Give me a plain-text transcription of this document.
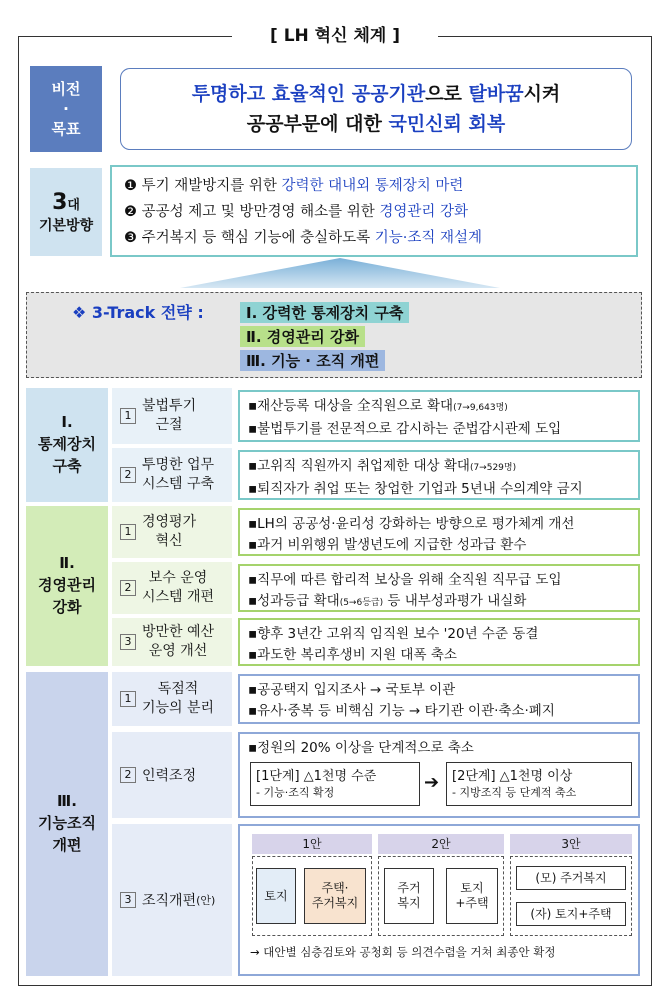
[ LH 혁신 체계 ]
비전
·
목표
투명하고 효율적인 공공기관으로 탈바꿈시켜
공공부문에 대한 국민신뢰 회복
3대
기본방향
❶ 투기 재발방지를 위한 강력한 대내외 통제장치 마련
❷ 공공성 제고 및 방만경영 해소를 위한 경영관리 강화
❸ 주거복지 등 핵심 기능에 충실하도록 기능·조직 재설계
❖ 3-Track 전략 :	Ⅰ. 강력한 통제장치 구축
Ⅱ. 경영관리 강화
Ⅲ. 기능 · 조직 개편
Ⅰ.
통제장치
구축
1
불법투기
근절
▪재산등록 대상을 全직원으로 확대(7→9,643명)
▪불법투기를 전문적으로 감시하는 준법감시관제 도입
2
투명한 업무
시스템 구축
▪고위직 직원까지 취업제한 대상 확대(7→529명)
▪퇴직자가 취업 또는 창업한 기업과 5년내 수의계약 금지
Ⅱ.
경영관리
강화
1
경영평가
혁신
▪LH의 공공성·윤리성 강화하는 방향으로 평가체계 개선
▪과거 비위행위 발생년도에 지급한 성과급 환수
2
보수 운영
시스템 개편
▪직무에 따른 합리적 보상을 위해 全직원 직무급 도입
▪성과등급 확대(5→6등급) 등 내부성과평가 내실화
3
방만한 예산
운영 개선
▪향후 3년간 고위직 임직원 보수 '20년 수준 동결
▪과도한 복리후생비 지원 대폭 축소
Ⅲ.
기능조직
개편
1
독점적
기능의 분리
▪공공택지 입지조사 → 국토부 이관
▪유사·중복 등 비핵심 기능 → 타기관 이관·축소·폐지
2 인력조정
▪정원의 20% 이상을 단계적으로 축소
[1단계] △1천명 수준
- 기능·조직 확정	➔ [2단계] △1천명 이상
- 지방조직 등 단계적 축소
3 조직개편 (안)
1안
토지
주택·
주거복지
2안
주거
복지
토지
+주택
3안
(모) 주거복지
(자) 토지+주택
→ 대안별 심층검토와 공청회 등 의견수렴을 거쳐 최종안 확정
